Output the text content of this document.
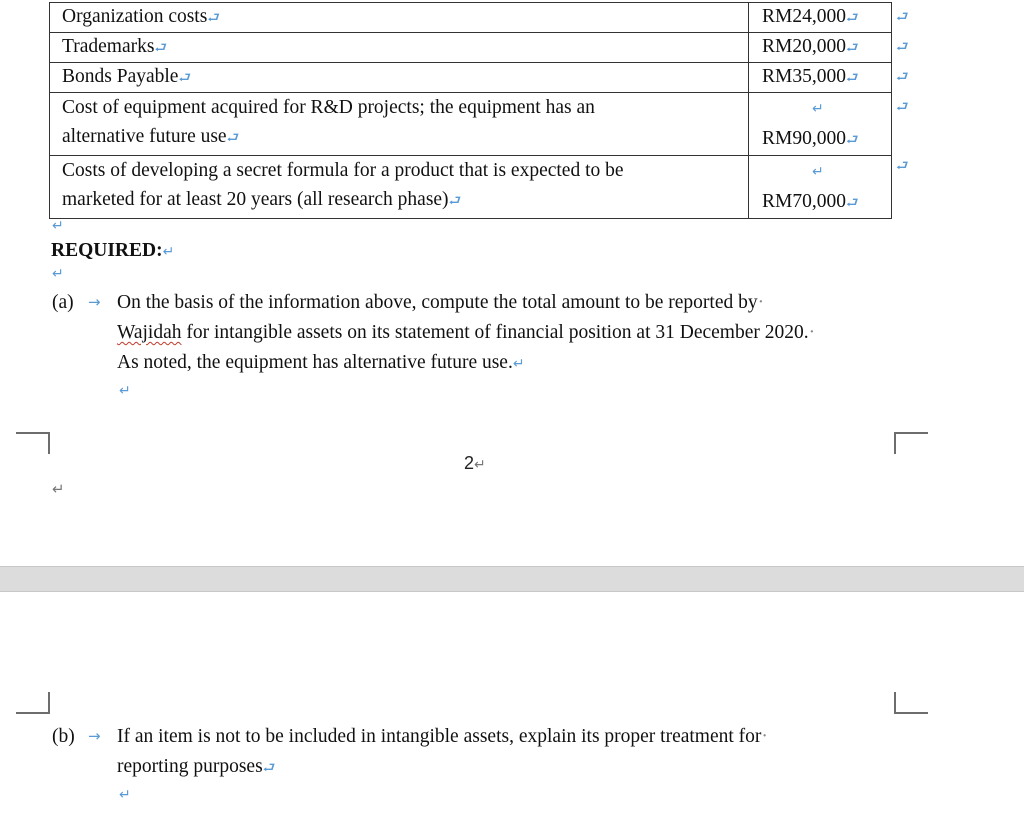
Organization costs⮐	RM24,000⮐
Trademarks⮐	RM20,000⮐
Bonds Payable⮐	RM35,000⮐
Cost of equipment acquired for R&D projects; the equipment has an
alternative future use⮐	↵
RM90,000⮐
Costs of developing a secret formula for a product that is expected to be
marketed for at least 20 years (all research phase)⮐	↵
RM70,000⮐
⮐
⮐
⮐
⮐
⮐
↵
REQUIRED:↵
↵
(a) → On the basis of the information above, compute the total amount to be reported by·
Wajidah for intangible assets on its statement of financial position at 31 December 2020.·
As noted, the equipment has alternative future use.↵
↵
2↵
↵
(b) → If an item is not to be included in intangible assets, explain its proper treatment for·
reporting purposes⮐
↵
